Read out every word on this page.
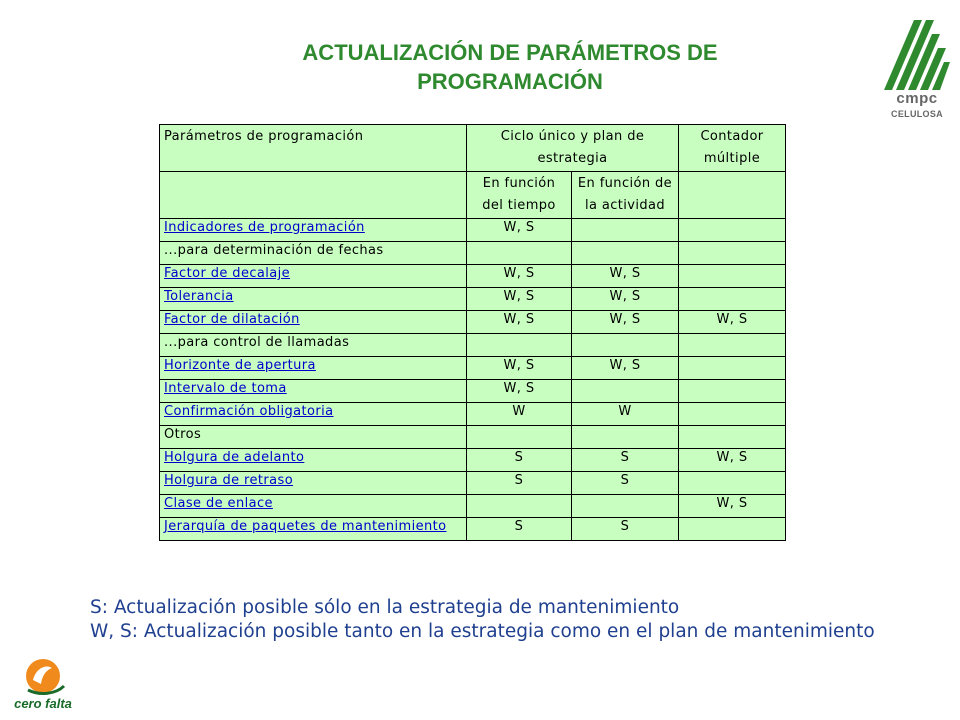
ACTUALIZACIÓN DE PARÁMETROS DE
PROGRAMACIÓN
cmpc
CELULOSA
Parámetros de programación	Ciclo único y plan de estrategia		Contador múltiple
	En función del tiempo	En función de la actividad	
Indicadores de programación	W, S		
...para determinación de fechas			
Factor de decalaje	W, S	W, S	
Tolerancia	W, S	W, S	
Factor de dilatación	W, S	W, S	W, S
...para control de llamadas			
Horizonte de apertura	W, S	W, S	
Intervalo de toma	W, S		
Confirmación obligatoria	W	W	
Otros			
Holgura de adelanto	S	S	W, S
Holgura de retraso	S	S	
Clase de enlace			W, S
Jerarquía de paquetes de mantenimiento	S	S	

S: Actualización posible sólo en la estrategia de mantenimiento

W, S: Actualización posible tanto en la estrategia como en el plan de mantenimiento

cero falta
